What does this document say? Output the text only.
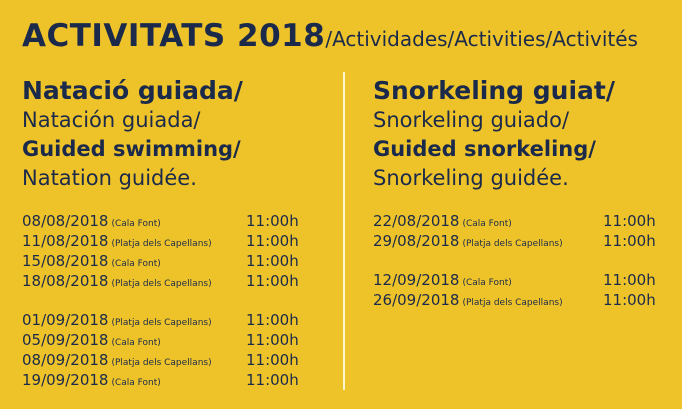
ACTIVITATS 2018/Actividades/Activities/Activités
Natació guiada/
Natación guiada/
Guided swimming/
Natation guidée.
08/08/2018 (Cala Font)	11:00h
11/08/2018 (Platja dels Capellans) 11:00h
15/08/2018 (Cala Font)	11:00h
18/08/2018 (Platja dels Capellans) 11:00h
01/09/2018 (Platja dels Capellans) 11:00h
05/09/2018 (Cala Font)	11:00h
08/09/2018 (Platja dels Capellans) 11:00h
19/09/2018 (Cala Font)	11:00h
Snorkeling guiat/
Snorkeling guiado/
Guided snorkeling/
Snorkeling guidée.
22/08/2018 (Cala Font)	11:00h
29/08/2018 (Platja dels Capellans)	11:00h
12/09/2018 (Cala Font)	11:00h
26/09/2018 (Platja dels Capellans)	11:00h
